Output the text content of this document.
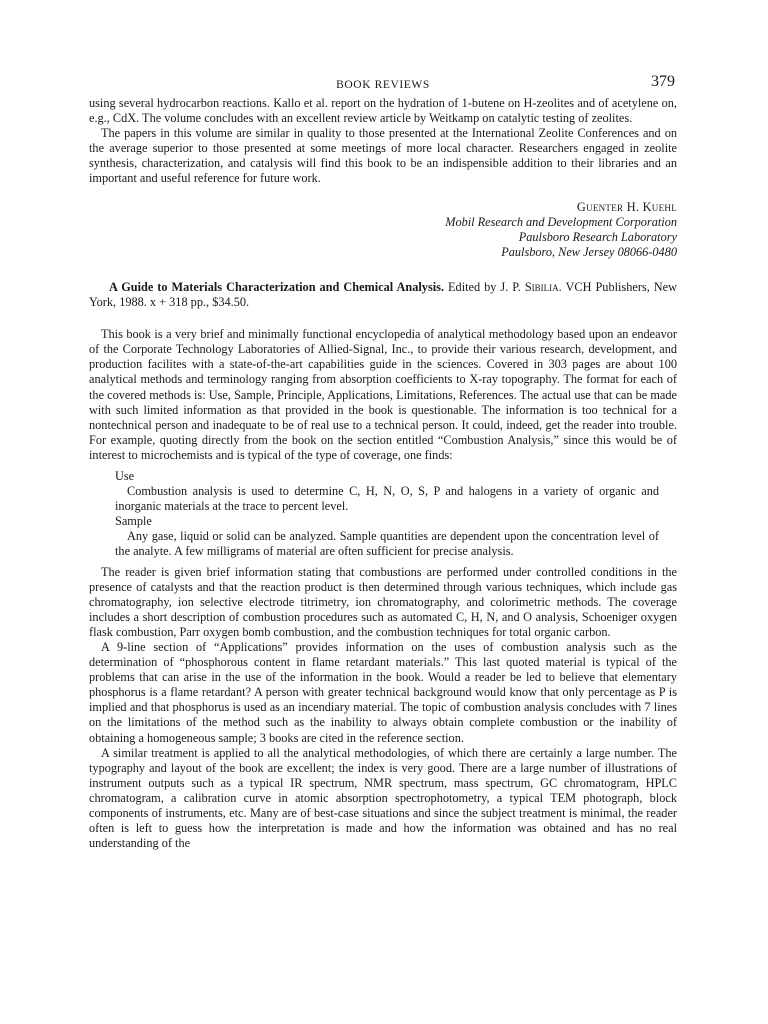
BOOK REVIEWS	379

using several hydrocarbon reactions. Kallo et al. report on the hydration of 1-butene on H-zeolites and of acetylene on, e.g., CdX. The volume concludes with an excellent review article by Weitkamp on catalytic testing of zeolites.

The papers in this volume are similar in quality to those presented at the International Zeolite Conferences and on the average superior to those presented at some meetings of more local character. Researchers engaged in zeolite synthesis, characterization, and catalysis will find this book to be an indispensible addition to their libraries and an important and useful reference for future work.

Guenter H. Kuehl
Mobil Research and Development Corporation
Paulsboro Research Laboratory
Paulsboro, New Jersey 08066-0480

A Guide to Materials Characterization and Chemical Analysis. Edited by J. P. Sibilia. VCH Publishers, New York, 1988. x + 318 pp., $34.50.

This book is a very brief and minimally functional encyclopedia of analytical methodology based upon an endeavor of the Corporate Technology Laboratories of Allied-Signal, Inc., to provide their various research, development, and production facilites with a state-of-the-art capabilities guide in the sciences. Covered in 303 pages are about 100 analytical methods and terminology ranging from absorption coefficients to X-ray topography. The format for each of the covered methods is: Use, Sample, Principle, Applications, Limitations, References. The actual use that can be made with such limited information as that provided in the book is questionable. The information is too technical for a nontechnical person and inadequate to be of real use to a technical person. It could, indeed, get the reader into trouble. For example, quoting directly from the book on the section entitled “Combustion Analysis,” since this would be of interest to microchemists and is typical of the type of coverage, one finds:

Use

Combustion analysis is used to determine C, H, N, O, S, P and halogens in a variety of organic and inorganic materials at the trace to percent level.

Sample

Any gase, liquid or solid can be analyzed. Sample quantities are dependent upon the concentration level of the analyte. A few milligrams of material are often sufficient for precise analysis.

The reader is given brief information stating that combustions are performed under controlled conditions in the presence of catalysts and that the reaction product is then determined through various techniques, which include gas chromatography, ion selective electrode titrimetry, ion chromatography, and colorimetric methods. The coverage includes a short description of combustion procedures such as automated C, H, N, and O analysis, Schoeniger oxygen flask combustion, Parr oxygen bomb combustion, and the combustion techniques for total organic carbon.

A 9-line section of “Applications” provides information on the uses of combustion analysis such as the determination of “phosphorous content in flame retardant materials.” This last quoted material is typical of the problems that can arise in the use of the information in the book. Would a reader be led to believe that elementary phosphorus is a flame retardant? A person with greater technical background would know that only percentage as P is implied and that phosphorus is used as an incendiary material. The topic of combustion analysis concludes with 7 lines on the limitations of the method such as the inability to always obtain complete combustion or the inability of obtaining a homogeneous sample; 3 books are cited in the reference section.

A similar treatment is applied to all the analytical methodologies, of which there are certainly a large number. The typography and layout of the book are excellent; the index is very good. There are a large number of illustrations of instrument outputs such as a typical IR spectrum, NMR spectrum, mass spectrum, GC chromatogram, HPLC chromatogram, a calibration curve in atomic absorption spectrophotometry, a typical TEM photograph, block components of instruments, etc. Many are of best-case situations and since the subject treatment is minimal, the reader often is left to guess how the interpretation is made and how the information was obtained and has no real understanding of the
